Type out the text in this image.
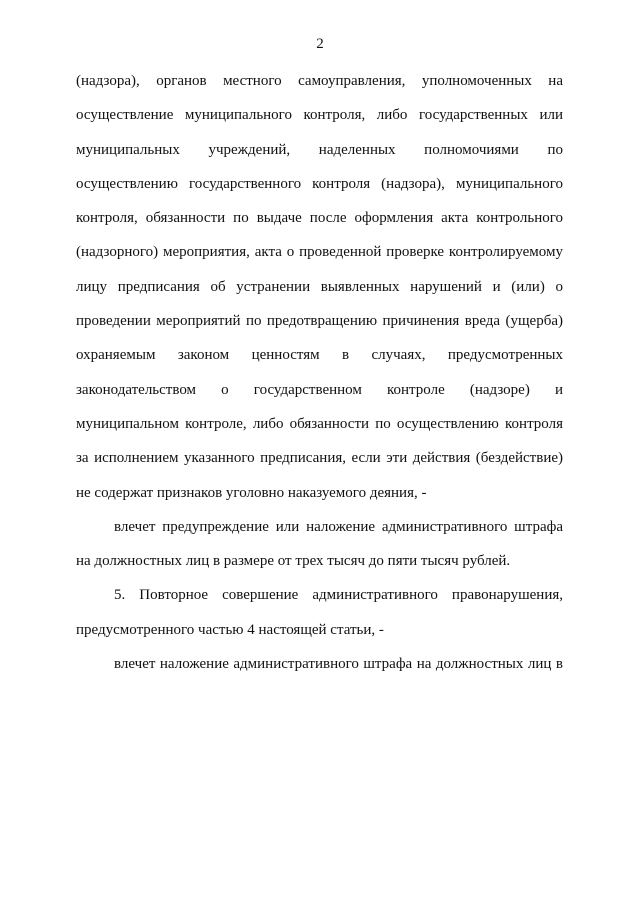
2
(надзора), органов местного самоуправления, уполномоченных на
осуществление муниципального контроля, либо государственных или
муниципальных учреждений, наделенных полномочиями по
осуществлению государственного контроля (надзора), муниципального
контроля, обязанности по выдаче после оформления акта контрольного
(надзорного) мероприятия, акта о проведенной проверке контролируемому
лицу предписания об устранении выявленных нарушений и (или) о
проведении мероприятий по предотвращению причинения вреда (ущерба)
охраняемым законом ценностям в случаях, предусмотренных
законодательством о государственном контроле (надзоре) и
муниципальном контроле, либо обязанности по осуществлению контроля
за исполнением указанного предписания, если эти действия (бездействие)
не содержат признаков уголовно наказуемого деяния, -
влечет предупреждение или наложение административного штрафа
на должностных лиц в размере от трех тысяч до пяти тысяч рублей.
5. Повторное совершение административного правонарушения,
предусмотренного частью 4 настоящей статьи, -
влечет наложение административного штрафа на должностных лиц в
